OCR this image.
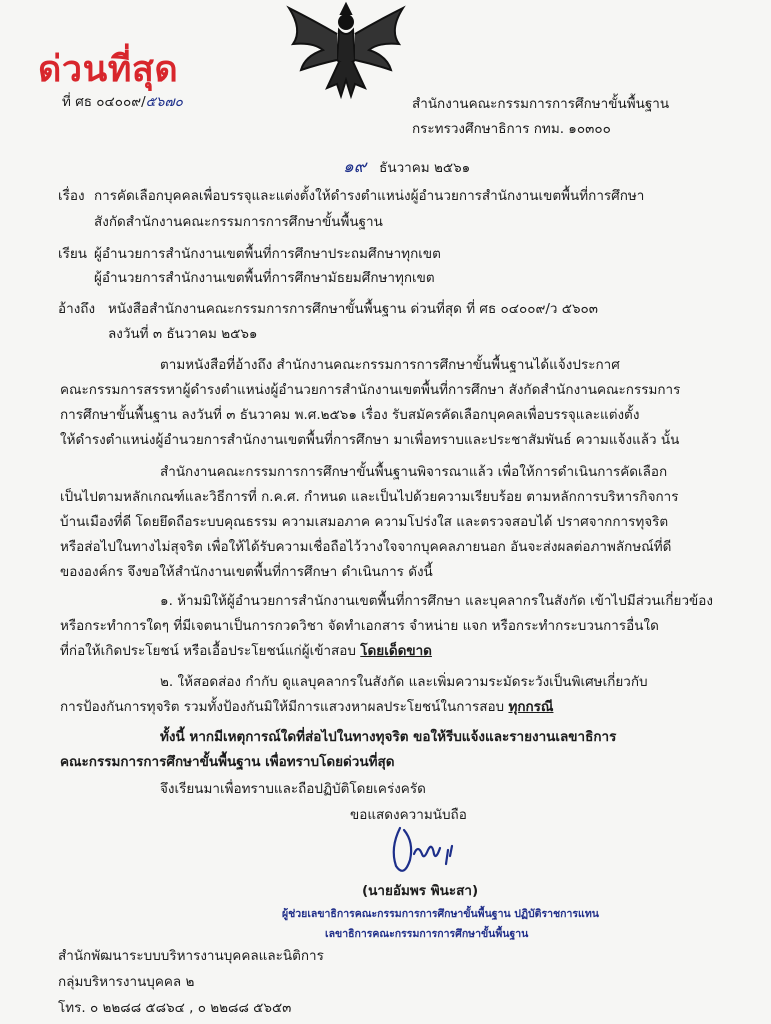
ด่วนที่สุด
ที่ ศธ ๐๔๐๐๙/๕๖๗๐	สำนักงานคณะกรรมการการศึกษาขั้นพื้นฐาน
กระทรวงศึกษาธิการ กทม. ๑๐๓๐๐
๑๙ ธันวาคม ๒๕๖๑
เรื่อง การคัดเลือกบุคคลเพื่อบรรจุและแต่งตั้งให้ดำรงตำแหน่งผู้อำนวยการสำนักงานเขตพื้นที่การศึกษา
สังกัดสำนักงานคณะกรรมการการศึกษาขั้นพื้นฐาน
เรียน ผู้อำนวยการสำนักงานเขตพื้นที่การศึกษาประถมศึกษาทุกเขต
ผู้อำนวยการสำนักงานเขตพื้นที่การศึกษามัธยมศึกษาทุกเขต
อ้างถึง หนังสือสำนักงานคณะกรรมการการศึกษาขั้นพื้นฐาน ด่วนที่สุด ที่ ศธ ๐๔๐๐๙/ว ๕๖๐๓
ลงวันที่ ๓ ธันวาคม ๒๕๖๑
ตามหนังสือที่อ้างถึง สำนักงานคณะกรรมการการศึกษาขั้นพื้นฐานได้แจ้งประกาศ
คณะกรรมการสรรหาผู้ดำรงตำแหน่งผู้อำนวยการสำนักงานเขตพื้นที่การศึกษา สังกัดสำนักงานคณะกรรมการ
การศึกษาขั้นพื้นฐาน ลงวันที่ ๓ ธันวาคม พ.ศ.๒๕๖๑ เรื่อง รับสมัครคัดเลือกบุคคลเพื่อบรรจุและแต่งตั้ง
ให้ดำรงตำแหน่งผู้อำนวยการสำนักงานเขตพื้นที่การศึกษา มาเพื่อทราบและประชาสัมพันธ์ ความแจ้งแล้ว นั้น
สำนักงานคณะกรรมการการศึกษาขั้นพื้นฐานพิจารณาแล้ว เพื่อให้การดำเนินการคัดเลือก
เป็นไปตามหลักเกณฑ์และวิธีการที่ ก.ค.ศ. กำหนด และเป็นไปด้วยความเรียบร้อย ตามหลักการบริหารกิจการ
บ้านเมืองที่ดี โดยยึดถือระบบคุณธรรม ความเสมอภาค ความโปร่งใส และตรวจสอบได้ ปราศจากการทุจริต
หรือส่อไปในทางไม่สุจริต เพื่อให้ได้รับความเชื่อถือไว้วางใจจากบุคคลภายนอก อันจะส่งผลต่อภาพลักษณ์ที่ดี
ขององค์กร จึงขอให้สำนักงานเขตพื้นที่การศึกษา ดำเนินการ ดังนี้
๑. ห้ามมิให้ผู้อำนวยการสำนักงานเขตพื้นที่การศึกษา และบุคลากรในสังกัด เข้าไปมีส่วนเกี่ยวข้อง
หรือกระทำการใดๆ ที่มีเจตนาเป็นการกวดวิชา จัดทำเอกสาร จำหน่าย แจก หรือกระทำกระบวนการอื่นใด
ที่ก่อให้เกิดประโยชน์ หรือเอื้อประโยชน์แก่ผู้เข้าสอบ โดยเด็ดขาด
๒. ให้สอดส่อง กำกับ ดูแลบุคลากรในสังกัด และเพิ่มความระมัดระวังเป็นพิเศษเกี่ยวกับ
การป้องกันการทุจริต รวมทั้งป้องกันมิให้มีการแสวงหาผลประโยชน์ในการสอบ ทุกกรณี
ทั้งนี้ หากมีเหตุการณ์ใดที่ส่อไปในทางทุจริต ขอให้รีบแจ้งและรายงานเลขาธิการ
คณะกรรมการการศึกษาขั้นพื้นฐาน เพื่อทราบโดยด่วนที่สุด
จึงเรียนมาเพื่อทราบและถือปฏิบัติโดยเคร่งครัด
ขอแสดงความนับถือ
(นายอัมพร พินะสา)
ผู้ช่วยเลขาธิการคณะกรรมการการศึกษาขั้นพื้นฐาน ปฏิบัติราชการแทน
เลขาธิการคณะกรรมการการศึกษาขั้นพื้นฐาน
สำนักพัฒนาระบบบริหารงานบุคคลและนิติการ
กลุ่มบริหารงานบุคคล ๒
โทร. ๐ ๒๒๘๘ ๕๘๖๔ , ๐ ๒๒๘๘ ๕๖๕๓
